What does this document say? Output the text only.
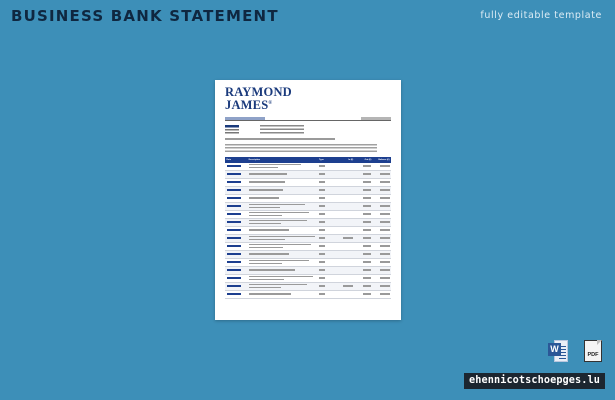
BUSINESS BANK STATEMENT	fully editable template
RAYMOND
JAMES®
Date	Description	Type	In (£)	Out (£)	Balance (£)

W
PDF
ehennicotschoepges.lu
